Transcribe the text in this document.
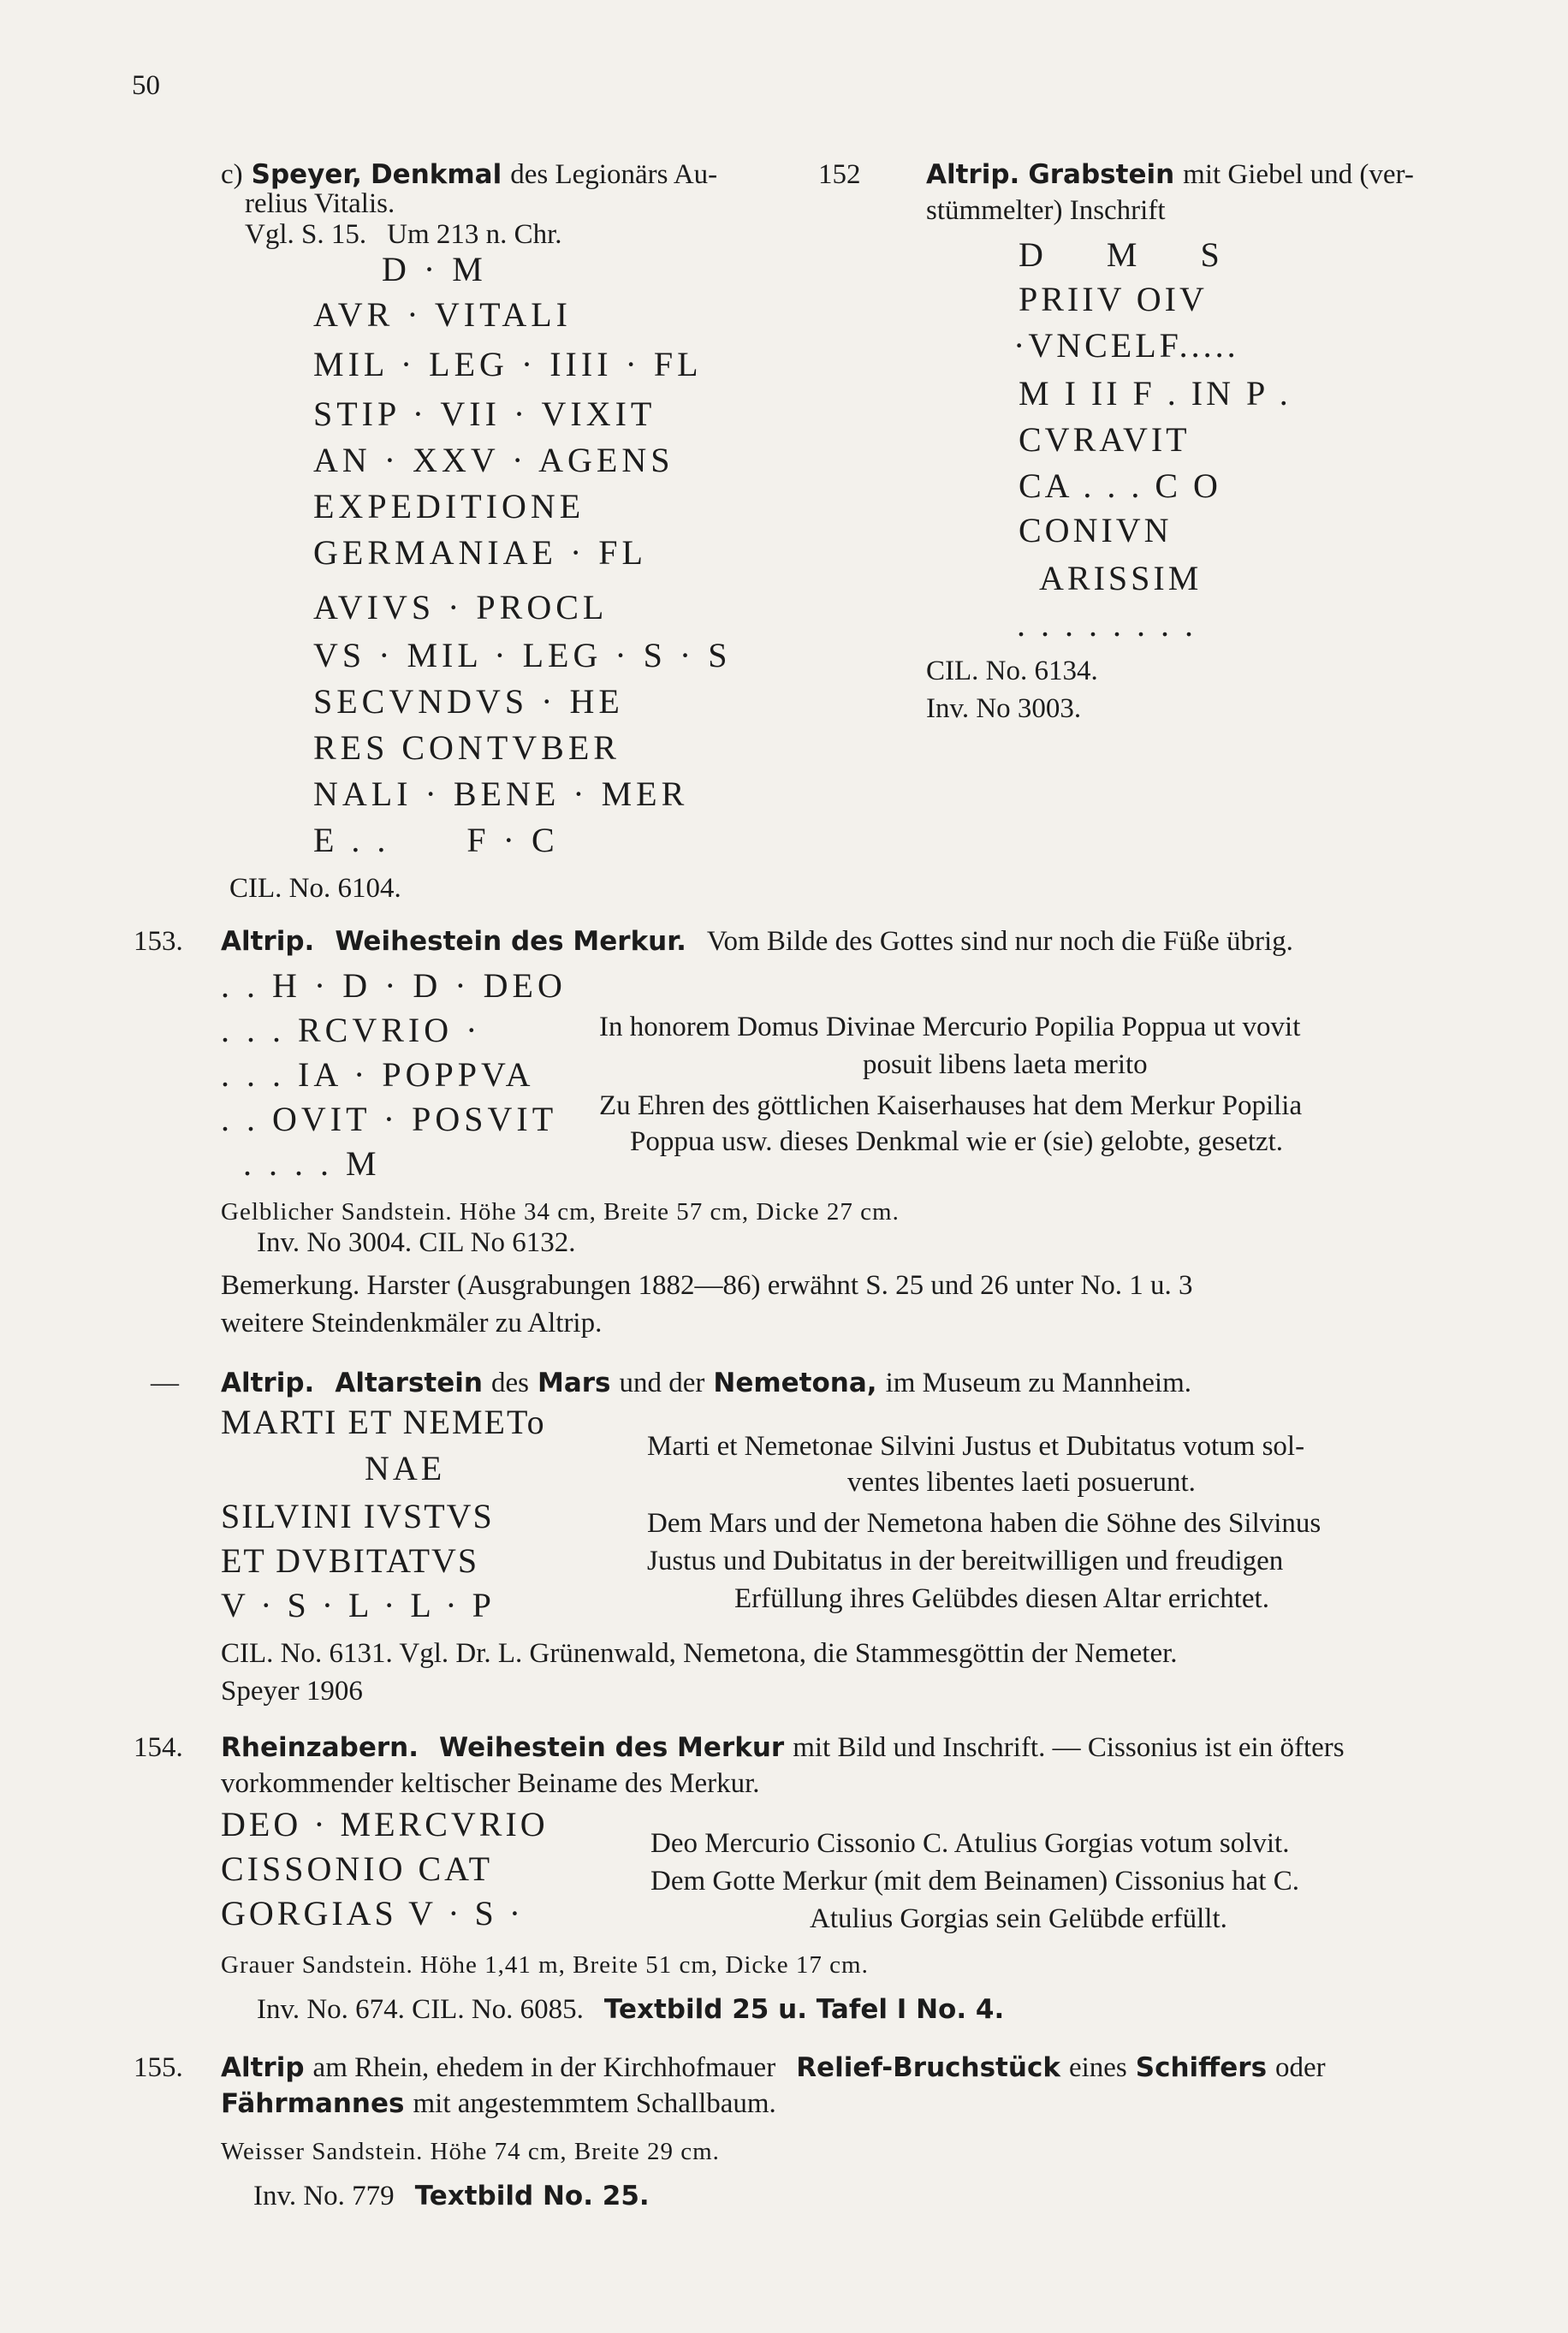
50
c) Speyer, Denkmal des Legionärs Au-
relius Vitalis.
Vgl. S. 15. Um 213 n. Chr.
D · M
AVR · VITALI
MIL · LEG · IIII · FL
STIP · VII · VIXIT
AN · XXV · AGENS
EXPEDITIONE
GERMANIAE · FL
AVIVS · PROCL
VS · MIL · LEG · S · S
SECVNDVS · HE
RES CONTVBER
NALI · BENE · MER
E . .      F · C
CIL. No. 6104.
152 Altrip. Grabstein mit Giebel und (ver-
stümmelter) Inschrift
D     M     S
PRIIV OIV
·VNCELF.....
M I II F . IN P .
CVRAVIT
CA . . . C O
CONIVN
ARISSIM
. . . . . . . .
CIL. No. 6134.
Inv. No 3003.
153. Altrip. Weihestein des Merkur. Vom Bilde des Gottes sind nur noch die Füße übrig.
. . H · D · D · DEO
. . . RCVRIO ·
. . . IA · POPPVA
. . OVIT · POSVIT
. . . . M
In honorem Domus Divinae Mercurio Popilia Poppua ut vovit
posuit libens laeta merito
Zu Ehren des göttlichen Kaiserhauses hat dem Merkur Popilia
Poppua usw. dieses Denkmal wie er (sie) gelobte, gesetzt.
Gelblicher Sandstein. Höhe 34 cm, Breite 57 cm, Dicke 27 cm.
Inv. No 3004. CIL No 6132.
Bemerkung. Harster (Ausgrabungen 1882—86) erwähnt S. 25 und 26 unter No. 1 u. 3
weitere Steindenkmäler zu Altrip.
— Altrip. Altarstein des Mars und der Nemetona, im Museum zu Mannheim.
MARTI ET NEMETo
NAE
SILVINI IVSTVS
ET DVBITATVS
V · S · L · L · P
Marti et Nemetonae Silvini Justus et Dubitatus votum sol-
ventes libentes laeti posuerunt.
Dem Mars und der Nemetona haben die Söhne des Silvinus
Justus und Dubitatus in der bereitwilligen und freudigen
Erfüllung ihres Gelübdes diesen Altar errichtet.
CIL. No. 6131. Vgl. Dr. L. Grünenwald, Nemetona, die Stammesgöttin der Nemeter.
Speyer 1906
154. Rheinzabern. Weihestein des Merkur mit Bild und Inschrift. — Cissonius ist ein öfters
vorkommender keltischer Beiname des Merkur.
DEO · MERCVRIO
CISSONIO CAT
GORGIAS V · S ·
Deo Mercurio Cissonio C. Atulius Gorgias votum solvit.
Dem Gotte Merkur (mit dem Beinamen) Cissonius hat C.
Atulius Gorgias sein Gelübde erfüllt.
Grauer Sandstein. Höhe 1,41 m, Breite 51 cm, Dicke 17 cm.
Inv. No. 674. CIL. No. 6085. Textbild 25 u. Tafel I No. 4.
155. Altrip am Rhein, ehedem in der Kirchhofmauer Relief-Bruchstück eines Schiffers oder
Fährmannes mit angestemmtem Schallbaum.
Weisser Sandstein. Höhe 74 cm, Breite 29 cm.
Inv. No. 779 Textbild No. 25.
